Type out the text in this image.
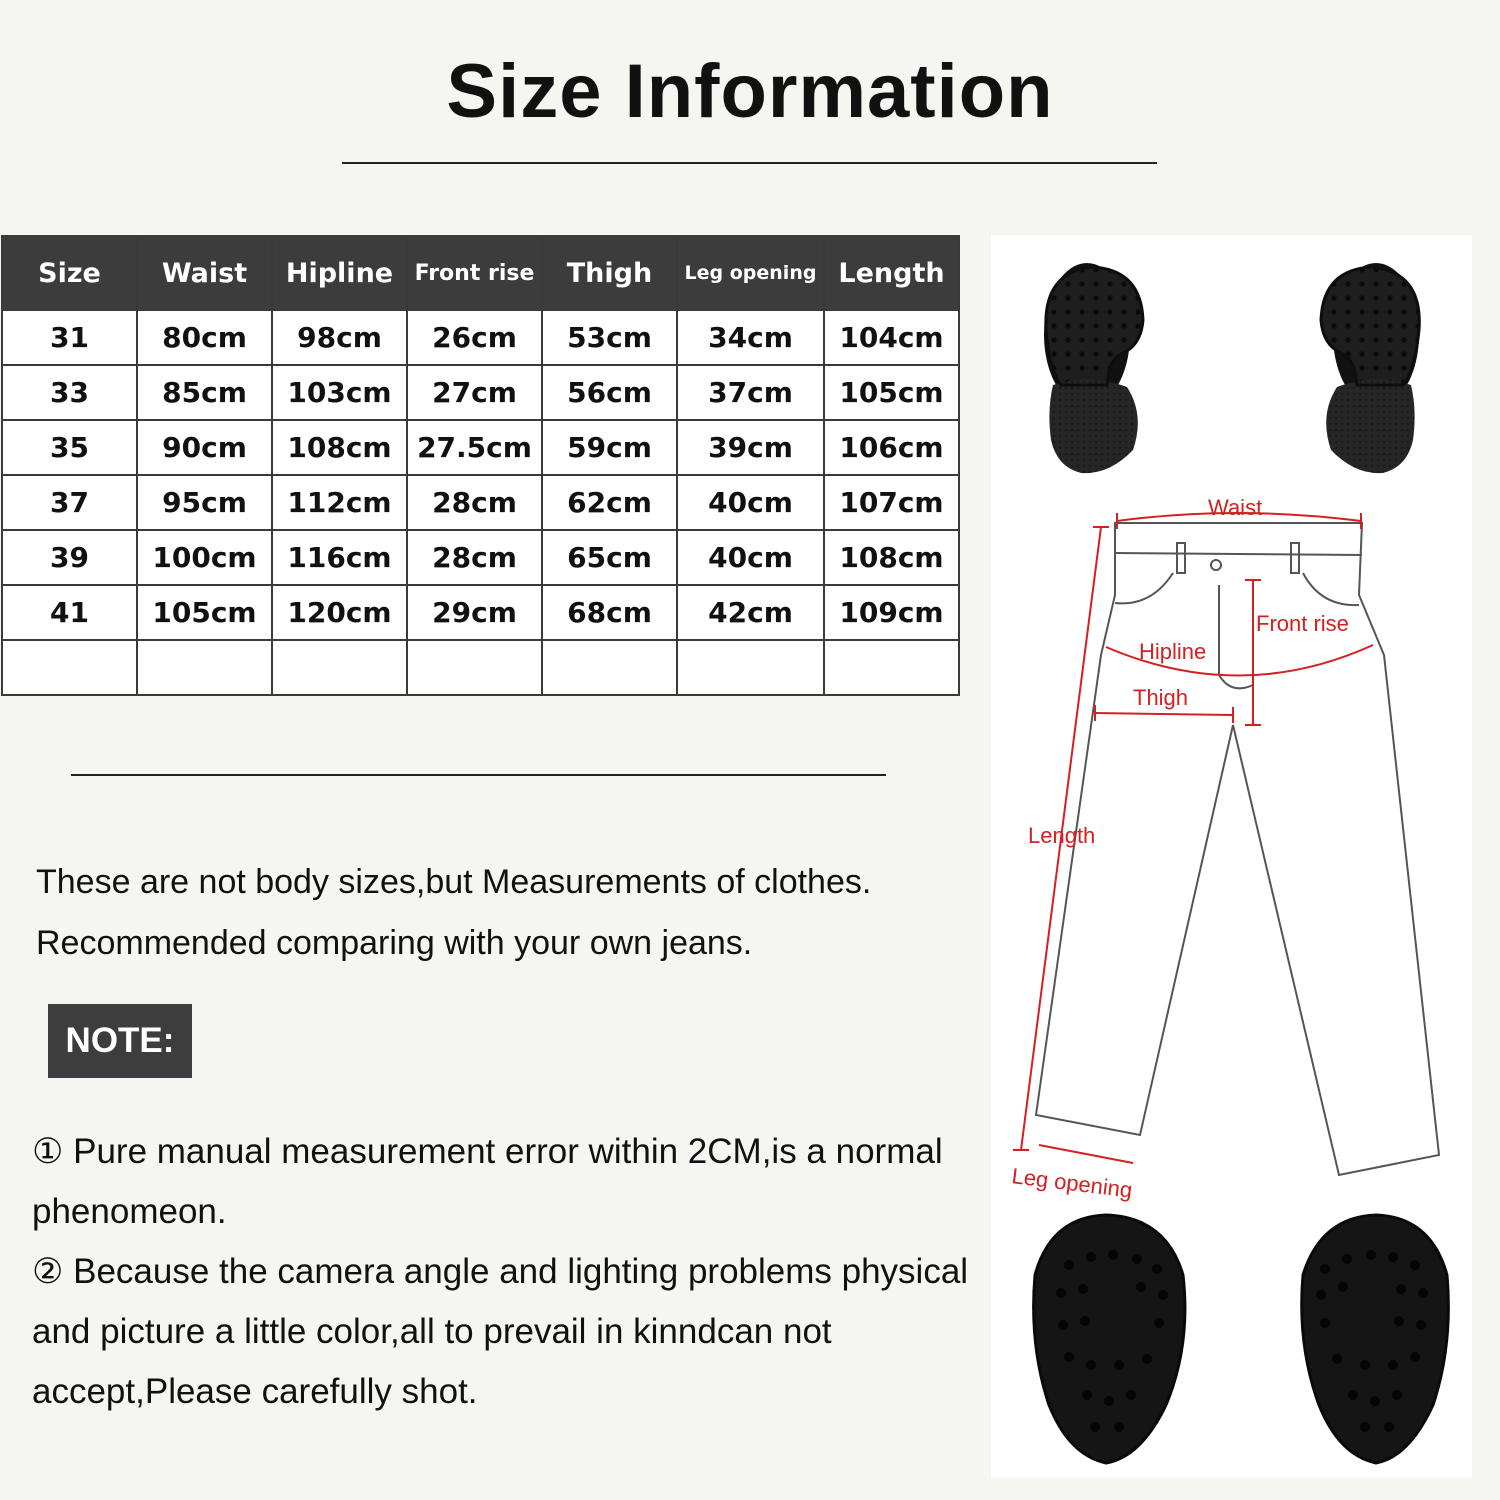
Size Information
Size	Waist	Hipline	Front rise	Thigh	Leg opening	Length
31	80cm	98cm	26cm	53cm	34cm	104cm
33	85cm	103cm	27cm	56cm	37cm	105cm
35	90cm	108cm	27.5cm	59cm	39cm	106cm
37	95cm	112cm	28cm	62cm	40cm	107cm
39	100cm	116cm	28cm	65cm	40cm	108cm
41	105cm	120cm	29cm	68cm	42cm	109cm

These are not body sizes,but Measurements of clothes.
Recommended comparing with your own jeans.
NOTE:

① Pure manual measurement error within 2CM,is a normal phenomeon.

② Because the camera angle and lighting problems physical and picture a little color,all to prevail in kinndcan not accept,Please carefully shot.

Waist
Front rise
Hipline
Thigh
Length
Leg opening
